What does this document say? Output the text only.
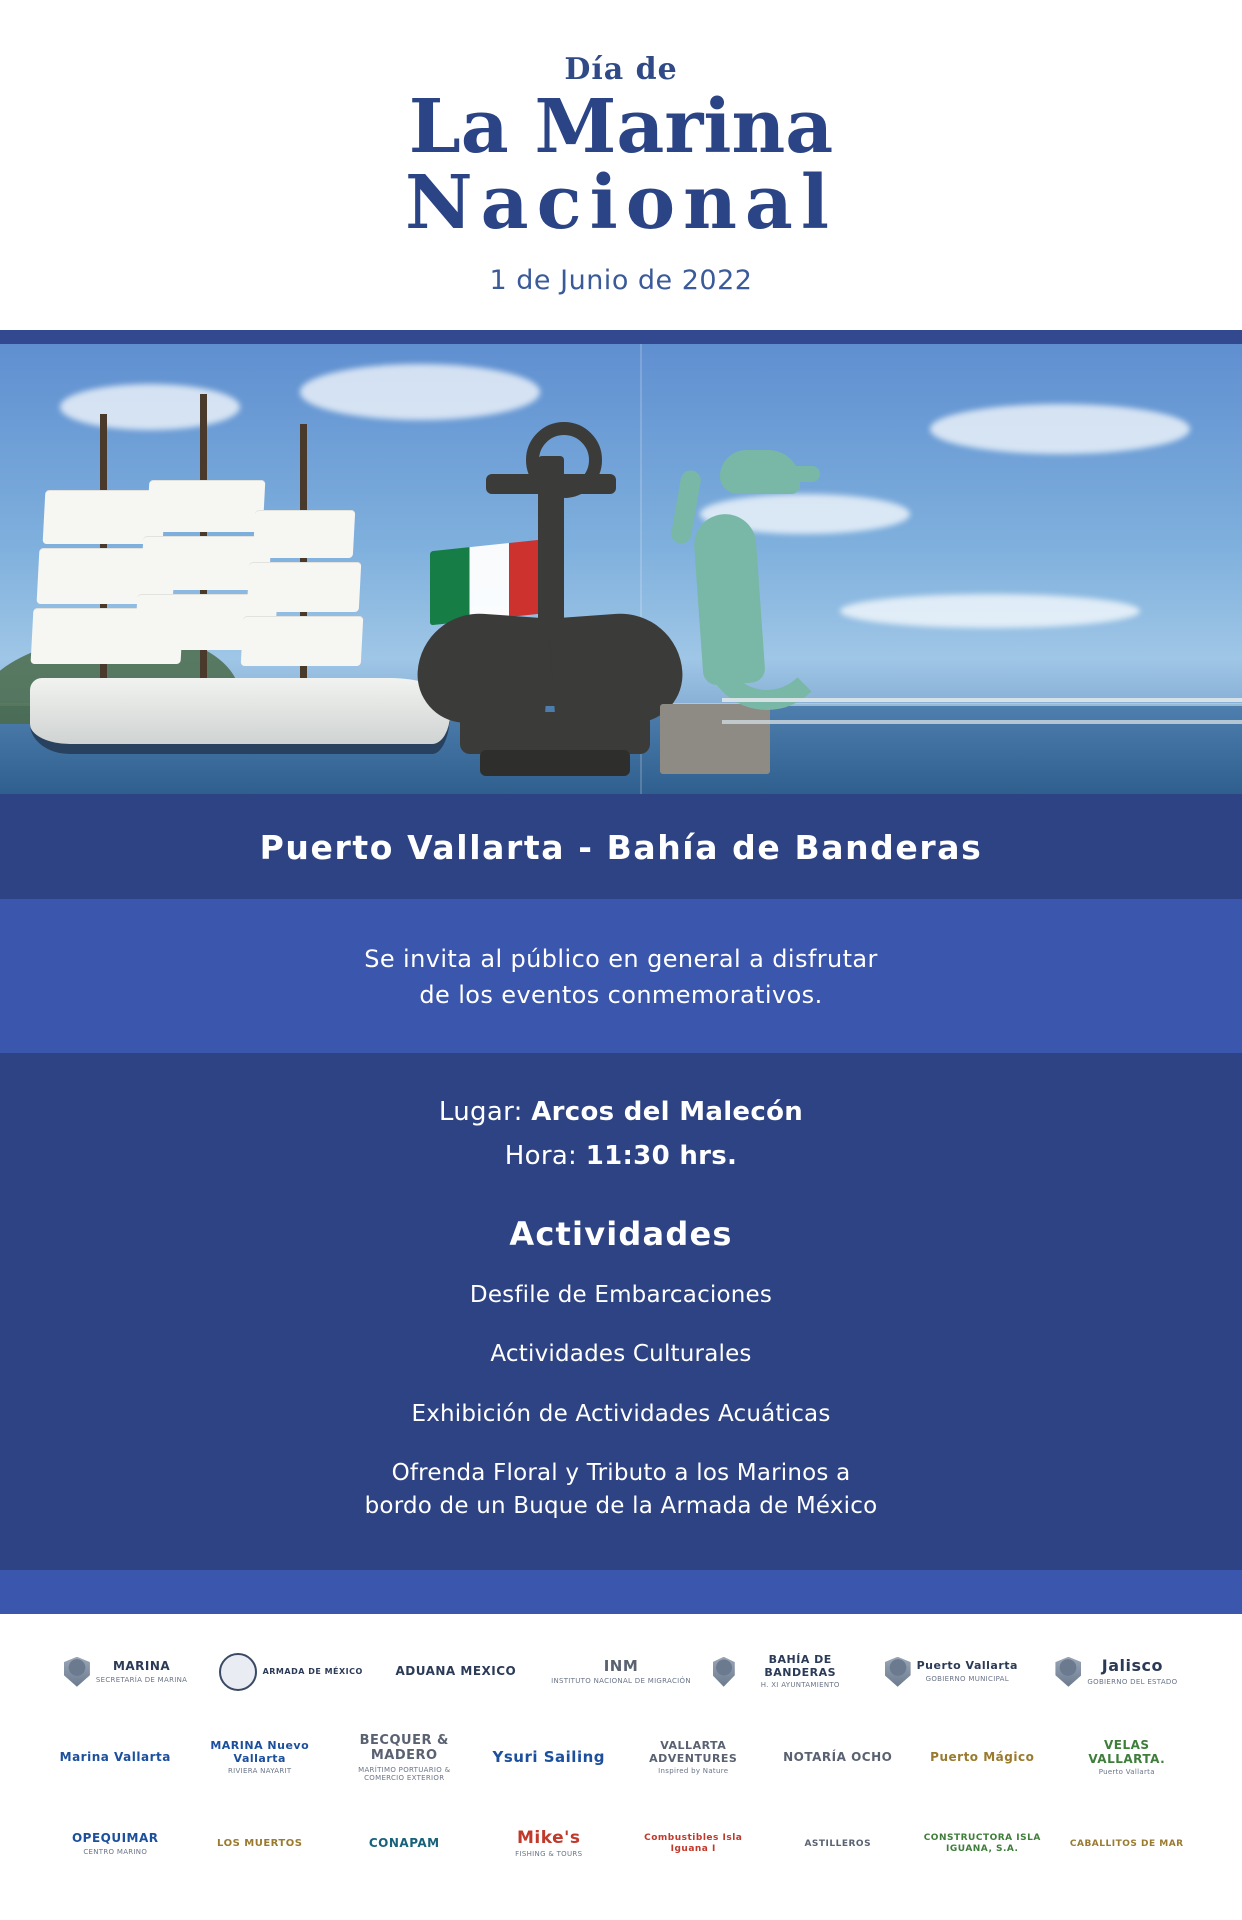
Día de
La Marina
Nacional
1 de Junio de 2022
Puerto Vallarta - Bahía de Banderas
Se invita al público en general a disfrutar
de los eventos conmemorativos.
Lugar: Arcos del Malecón
Hora: 11:30 hrs.
Actividades
Desfile de Embarcaciones
Actividades Culturales
Exhibición de Actividades Acuáticas
Ofrenda Floral y Tributo a los Marinos a
bordo de un Buque de la Armada de México
MARINA
SECRETARÍA DE MARINA
ARMADA DE MÉXICO	ADUANA MEXICO	INM
INSTITUTO NACIONAL DE MIGRACIÓN
BAHÍA DE BANDERAS
H. XI AYUNTAMIENTO
Puerto Vallarta
GOBIERNO MUNICIPAL
Jalisco
GOBIERNO DEL ESTADO
Marina Vallarta
MARINA Nuevo Vallarta
RIVIERA NAYARIT
BECQUER & MADERO
MARÍTIMO PORTUARIO & COMERCIO EXTERIOR
Ysuri Sailing
VALLARTA ADVENTURES
Inspired by Nature
NOTARÍA OCHO	Puerto Mágico
VELAS VALLARTA.
Puerto Vallarta
OPEQUIMAR
CENTRO MARINO
LOS MUERTOS	CONAPAM	Mike's
FISHING & TOURS
Combustibles Isla Iguana I
ASTILLEROS
CONSTRUCTORA ISLA IGUANA, S.A.
CABALLITOS DE MAR
